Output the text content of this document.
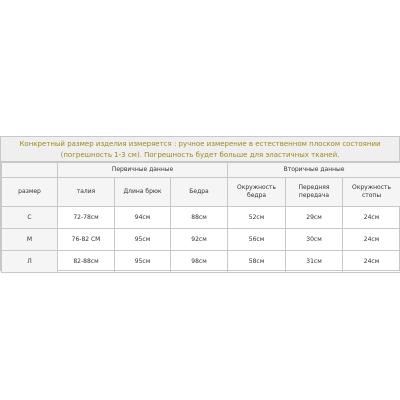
Конкретный размер изделия измеряется : ручное измерение в естественном плоском состоянии (погрешность 1-3 см). Погрешность будет больше для эластичных тканей.
	Первичные данные			Вторичные данные		
размер	талия	Длина брюк	Бедра	Окружность бедра	Передняя передача	Окружность стопы
C	72-78см	94см	88см	52см	29см	24см
M	76-82 СМ	95см	92см	56см	30см	24см
Л	82-88см	95см	98см	58см	31см	24см
